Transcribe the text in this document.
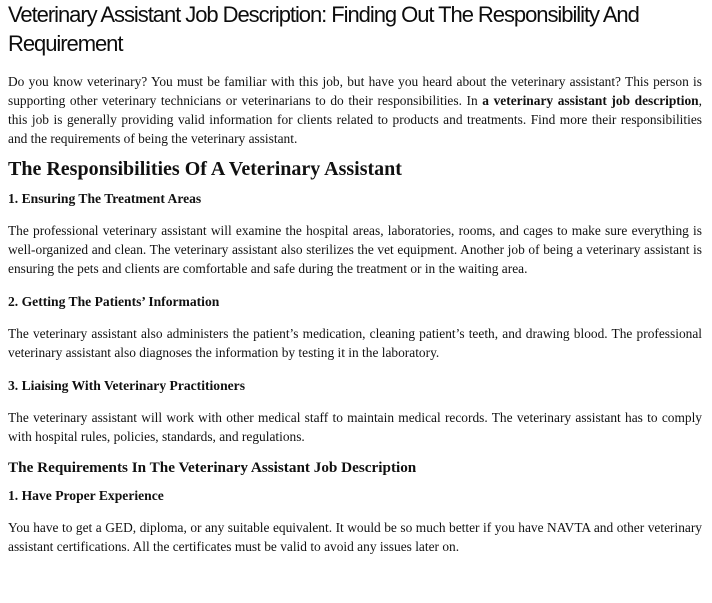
Veterinary Assistant Job Description: Finding Out The Responsibility And Requirement

Do you know veterinary? You must be familiar with this job, but have you heard about the veterinary assistant? This person is supporting other veterinary technicians or veterinarians to do their responsibilities. In a veterinary assistant job description, this job is generally providing valid information for clients related to products and treatments. Find more their responsibilities and the requirements of being the veterinary assistant.

The Responsibilities Of A Veterinary Assistant
1. Ensuring The Treatment Areas

The professional veterinary assistant will examine the hospital areas, laboratories, rooms, and cages to make sure everything is well-organized and clean. The veterinary assistant also sterilizes the vet equipment. Another job of being a veterinary assistant is ensuring the pets and clients are comfortable and safe during the treatment or in the waiting area.

2. Getting The Patients’ Information

The veterinary assistant also administers the patient’s medication, cleaning patient’s teeth, and drawing blood. The professional veterinary assistant also diagnoses the information by testing it in the laboratory.

3. Liaising With Veterinary Practitioners

The veterinary assistant will work with other medical staff to maintain medical records. The veterinary assistant has to comply with hospital rules, policies, standards, and regulations.

The Requirements In The Veterinary Assistant Job Description
1. Have Proper Experience

You have to get a GED, diploma, or any suitable equivalent. It would be so much better if you have NAVTA and other veterinary assistant certifications. All the certificates must be valid to avoid any issues later on.
